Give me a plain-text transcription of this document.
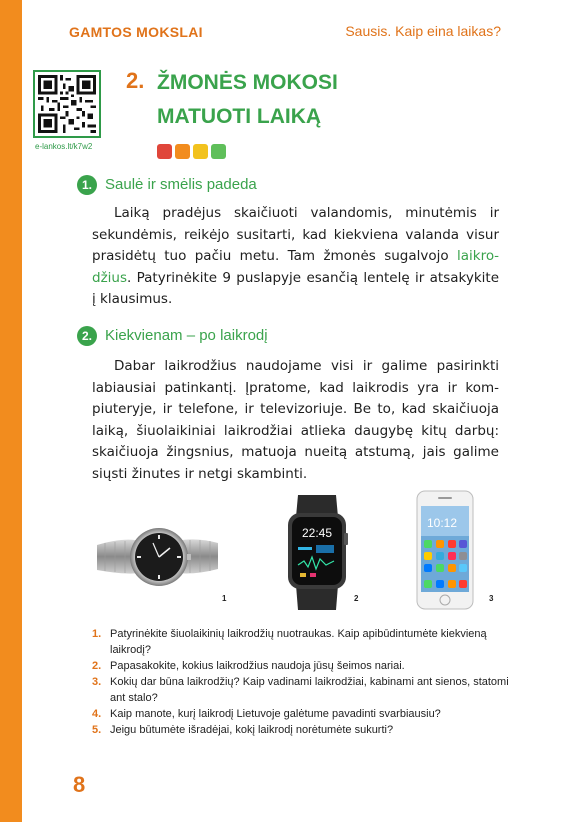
GAMTOS MOKSLAI	Sausis. Kaip eina laikas?
e-lankos.lt/k7w2
2. ŽMONĖS MOKOSI
MATUOTI LAIKĄ
1. Saulė ir smėlis padeda
Laiką pradėjus skaičiuoti valandomis, minutėmis ir sekundėmis, reikėjo susitarti, kad kiekviena valanda visur prasidėtų tuo pačiu metu. Tam žmonės sugalvojo laikrodžius. Patyrinėkite 9 puslapyje esančią lentelę ir atsakykite į klausimus.
2. Kiekvienam – po laikrodį
Dabar laikrodžius naudojame visi ir galime pasirinkti labiausiai patinkantį. Įpratome, kad laikrodis yra ir kompiuteryje, ir telefone, ir televizoriuje. Be to, kad skaičiuoja laiką, šiuolaikiniai laikrodžiai atlieka daugybę kitų darbų: skaičiuoja žingsnius, matuoja nueitą atstumą, jais galime siųsti žinutes ir netgi skambinti.
1
22:45
2
10:12
3
1. Patyrinėkite šiuolaikinių laikrodžių nuotraukas. Kaip apibūdintumėte kiekvieną laikrodį?
2. Papasakokite, kokius laikrodžius naudoja jūsų šeimos nariai.
3. Kokių dar būna laikrodžių? Kaip vadinami laikrodžiai, kabinami ant sienos, statomi ant stalo?
4. Kaip manote, kurį laikrodį Lietuvoje galėtume pavadinti svarbiausiu?
5. Jeigu būtumėte išradėjai, kokį laikrodį norėtumėte sukurti?
8
